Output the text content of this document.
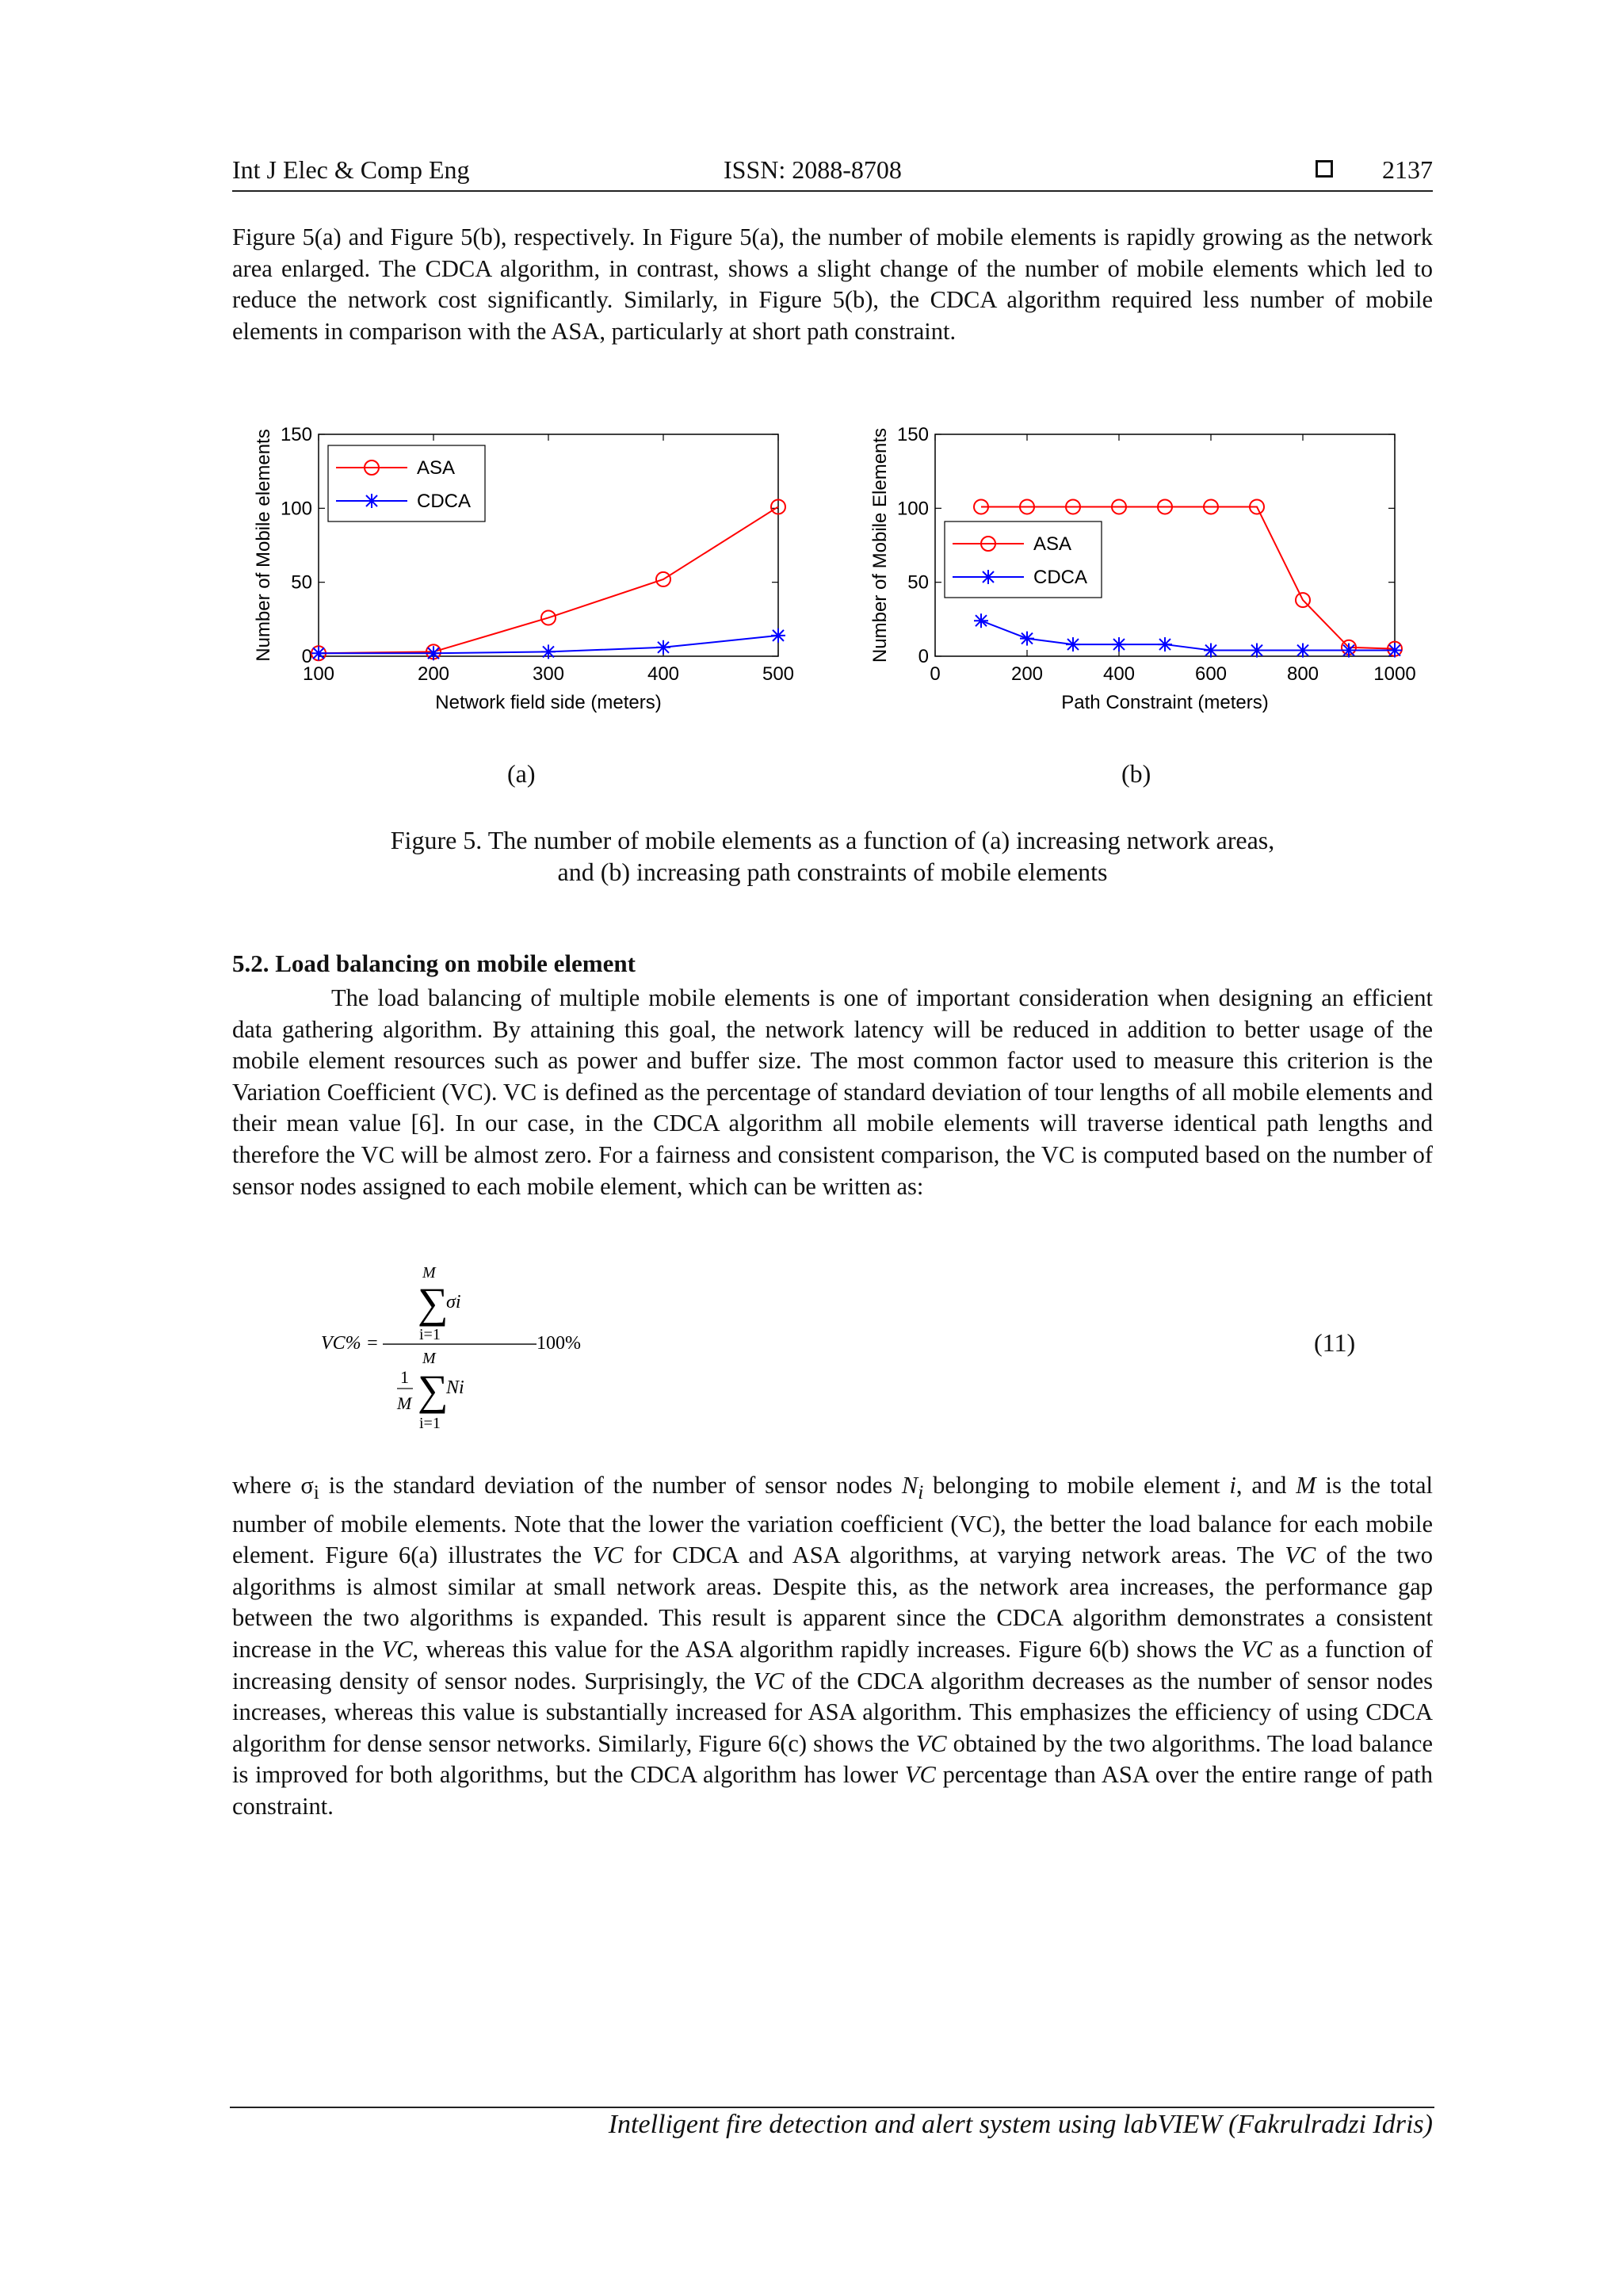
Int J Elec & Comp Eng	ISSN: 2088-8708	2137

Figure 5(a) and Figure 5(b), respectively. In Figure 5(a), the number of mobile elements is rapidly growing as the network area enlarged. The CDCA algorithm, in contrast, shows a slight change of the number of mobile elements which led to reduce the network cost significantly. Similarly, in Figure 5(b), the CDCA algorithm required less number of mobile elements in comparison with the ASA, particularly at short path constraint.

100	200	300	400	500
0
50
100
150
Network field side (meters)
Number of Mobile elements	ASA
CDCA
0	200	400	600	800	1000
0
50
100
150
Path Constraint (meters)
Number of Mobile Elements	ASA
CDCA
(a)	(b)
Figure 5. The number of mobile elements as a function of (a) increasing network areas,
and (b) increasing path constraints of mobile elements
5.2. Load balancing on mobile element

The load balancing of multiple mobile elements is one of important consideration when designing an efficient data gathering algorithm. By attaining this goal, the network latency will be reduced in addition to better usage of the mobile element resources such as power and buffer size. The most common factor used to measure this criterion is the Variation Coefficient (VC). VC is defined as the percentage of standard deviation of tour lengths of all mobile elements and their mean value [6]. In our case, in the CDCA algorithm all mobile elements will traverse identical path lengths and therefore the VC will be almost zero. For a fairness and consistent comparison, the VC is computed based on the number of sensor nodes assigned to each mobile element, which can be written as:

VC% =
M
∑
σi
i=1	100%
M
1
M ∑
Ni
i=1
(11)

where $\sigma_i$ is the standard deviation of the number of sensor nodes $N_i$ belonging to mobile element i, and M is the total number of mobile elements. Note that the lower the variation coefficient (VC), the better the load balance for each mobile element. Figure 6(a) illustrates the VC for CDCA and ASA algorithms, at varying network areas. The VC of the two algorithms is almost similar at small network areas. Despite this, as the network area increases, the performance gap between the two algorithms is expanded. This result is apparent since the CDCA algorithm demonstrates a consistent increase in the VC, whereas this value for the ASA algorithm rapidly increases. Figure 6(b) shows the VC as a function of increasing density of sensor nodes. Surprisingly, the VC of the CDCA algorithm decreases as the number of sensor nodes increases, whereas this value is substantially increased for ASA algorithm. This emphasizes the efficiency of using CDCA algorithm for dense sensor networks. Similarly, Figure 6(c) shows the VC obtained by the two algorithms. The load balance is improved for both algorithms, but the CDCA algorithm has lower VC percentage than ASA over the entire range of path constraint.

Intelligent fire detection and alert system using labVIEW (Fakrulradzi Idris)
